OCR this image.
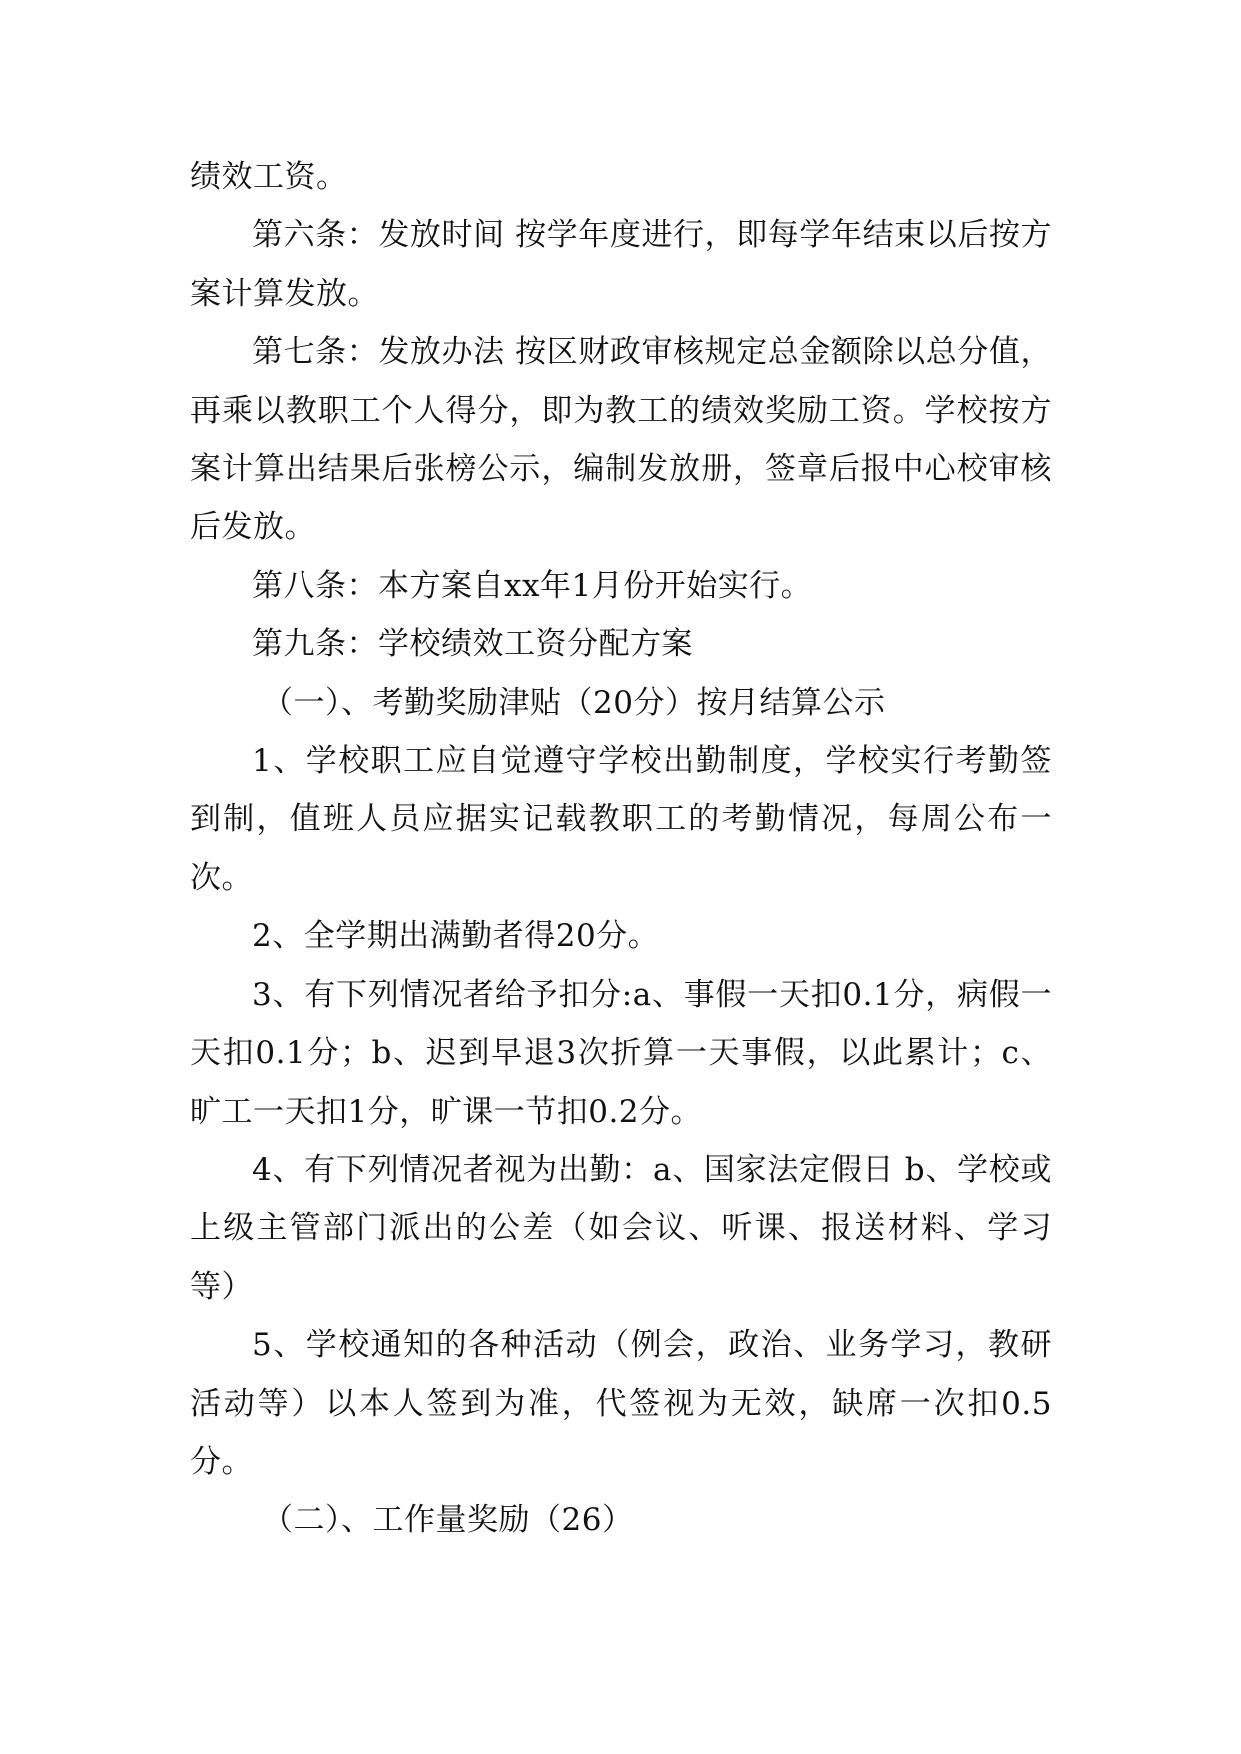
绩效工资。

第六条：发放时间 按学年度进行，即每学年结束以后按方案计算发放。

第七条：发放办法 按区财政审核规定总金额除以总分值，再乘以教职工个人得分，即为教工的绩效奖励工资。学校按方案计算出结果后张榜公示，编制发放册，签章后报中心校审核后发放。

第八条：本方案自xx年1月份开始实行。

第九条：学校绩效工资分配方案

（一）、考勤奖励津贴（20分）按月结算公示

1、学校职工应自觉遵守学校出勤制度，学校实行考勤签到制，值班人员应据实记载教职工的考勤情况，每周公布一次。

2、全学期出满勤者得20分。

3、有下列情况者给予扣分:a、事假一天扣0.1分，病假一天扣0.1分；b、迟到早退3次折算一天事假，以此累计；c、旷工一天扣1分，旷课一节扣0.2分。

4、有下列情况者视为出勤：a、国家法定假日 b、学校或上级主管部门派出的公差（如会议、听课、报送材料、学习等）

5、学校通知的各种活动（例会，政治、业务学习，教研活动等）以本人签到为准，代签视为无效，缺席一次扣0.5分。

（二）、工作量奖励（26）
